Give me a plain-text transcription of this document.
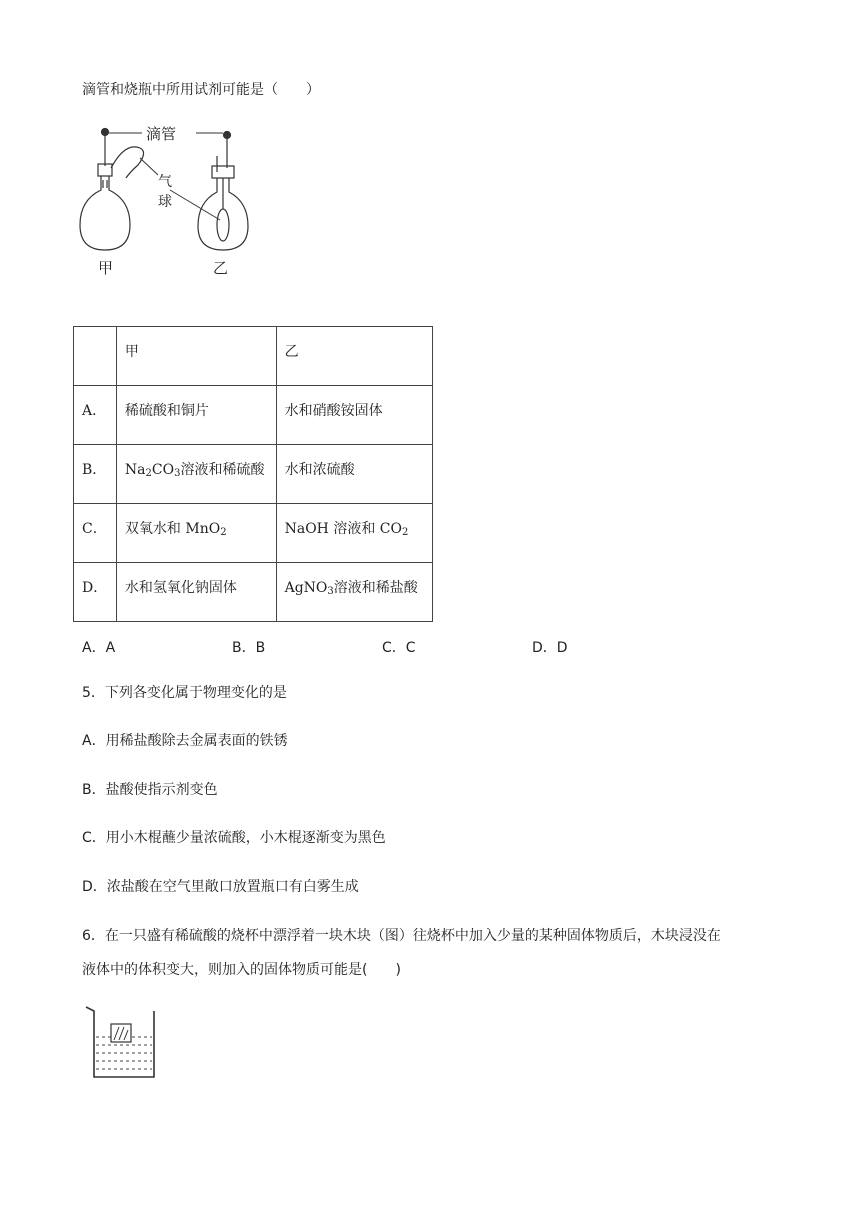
滴管和烧瓶中所用试剂可能是（　　）
滴管
气
球
甲	乙
	甲	乙
A．	稀硫酸和铜片	水和硝酸铵固体
B．	$Na_2CO_3$溶液和稀硫酸	水和浓硫酸
C．	双氧水和 MnO$_2$	NaOH 溶液和 $CO_2$
D．	水和氢氧化钠固体	AgNO$_3$溶液和稀盐酸
A．A	B．B	C．C	D．D
5．下列各变化属于物理变化的是
A．用稀盐酸除去金属表面的铁锈
B．盐酸使指示剂变色
C．用小木棍蘸少量浓硫酸，小木棍逐渐变为黑色
D．浓盐酸在空气里敞口放置瓶口有白雾生成
6．在一只盛有稀硫酸的烧杯中漂浮着一块木块（图）往烧杯中加入少量的某种固体物质后，木块浸没在
液体中的体积变大，则加入的固体物质可能是(　　)
